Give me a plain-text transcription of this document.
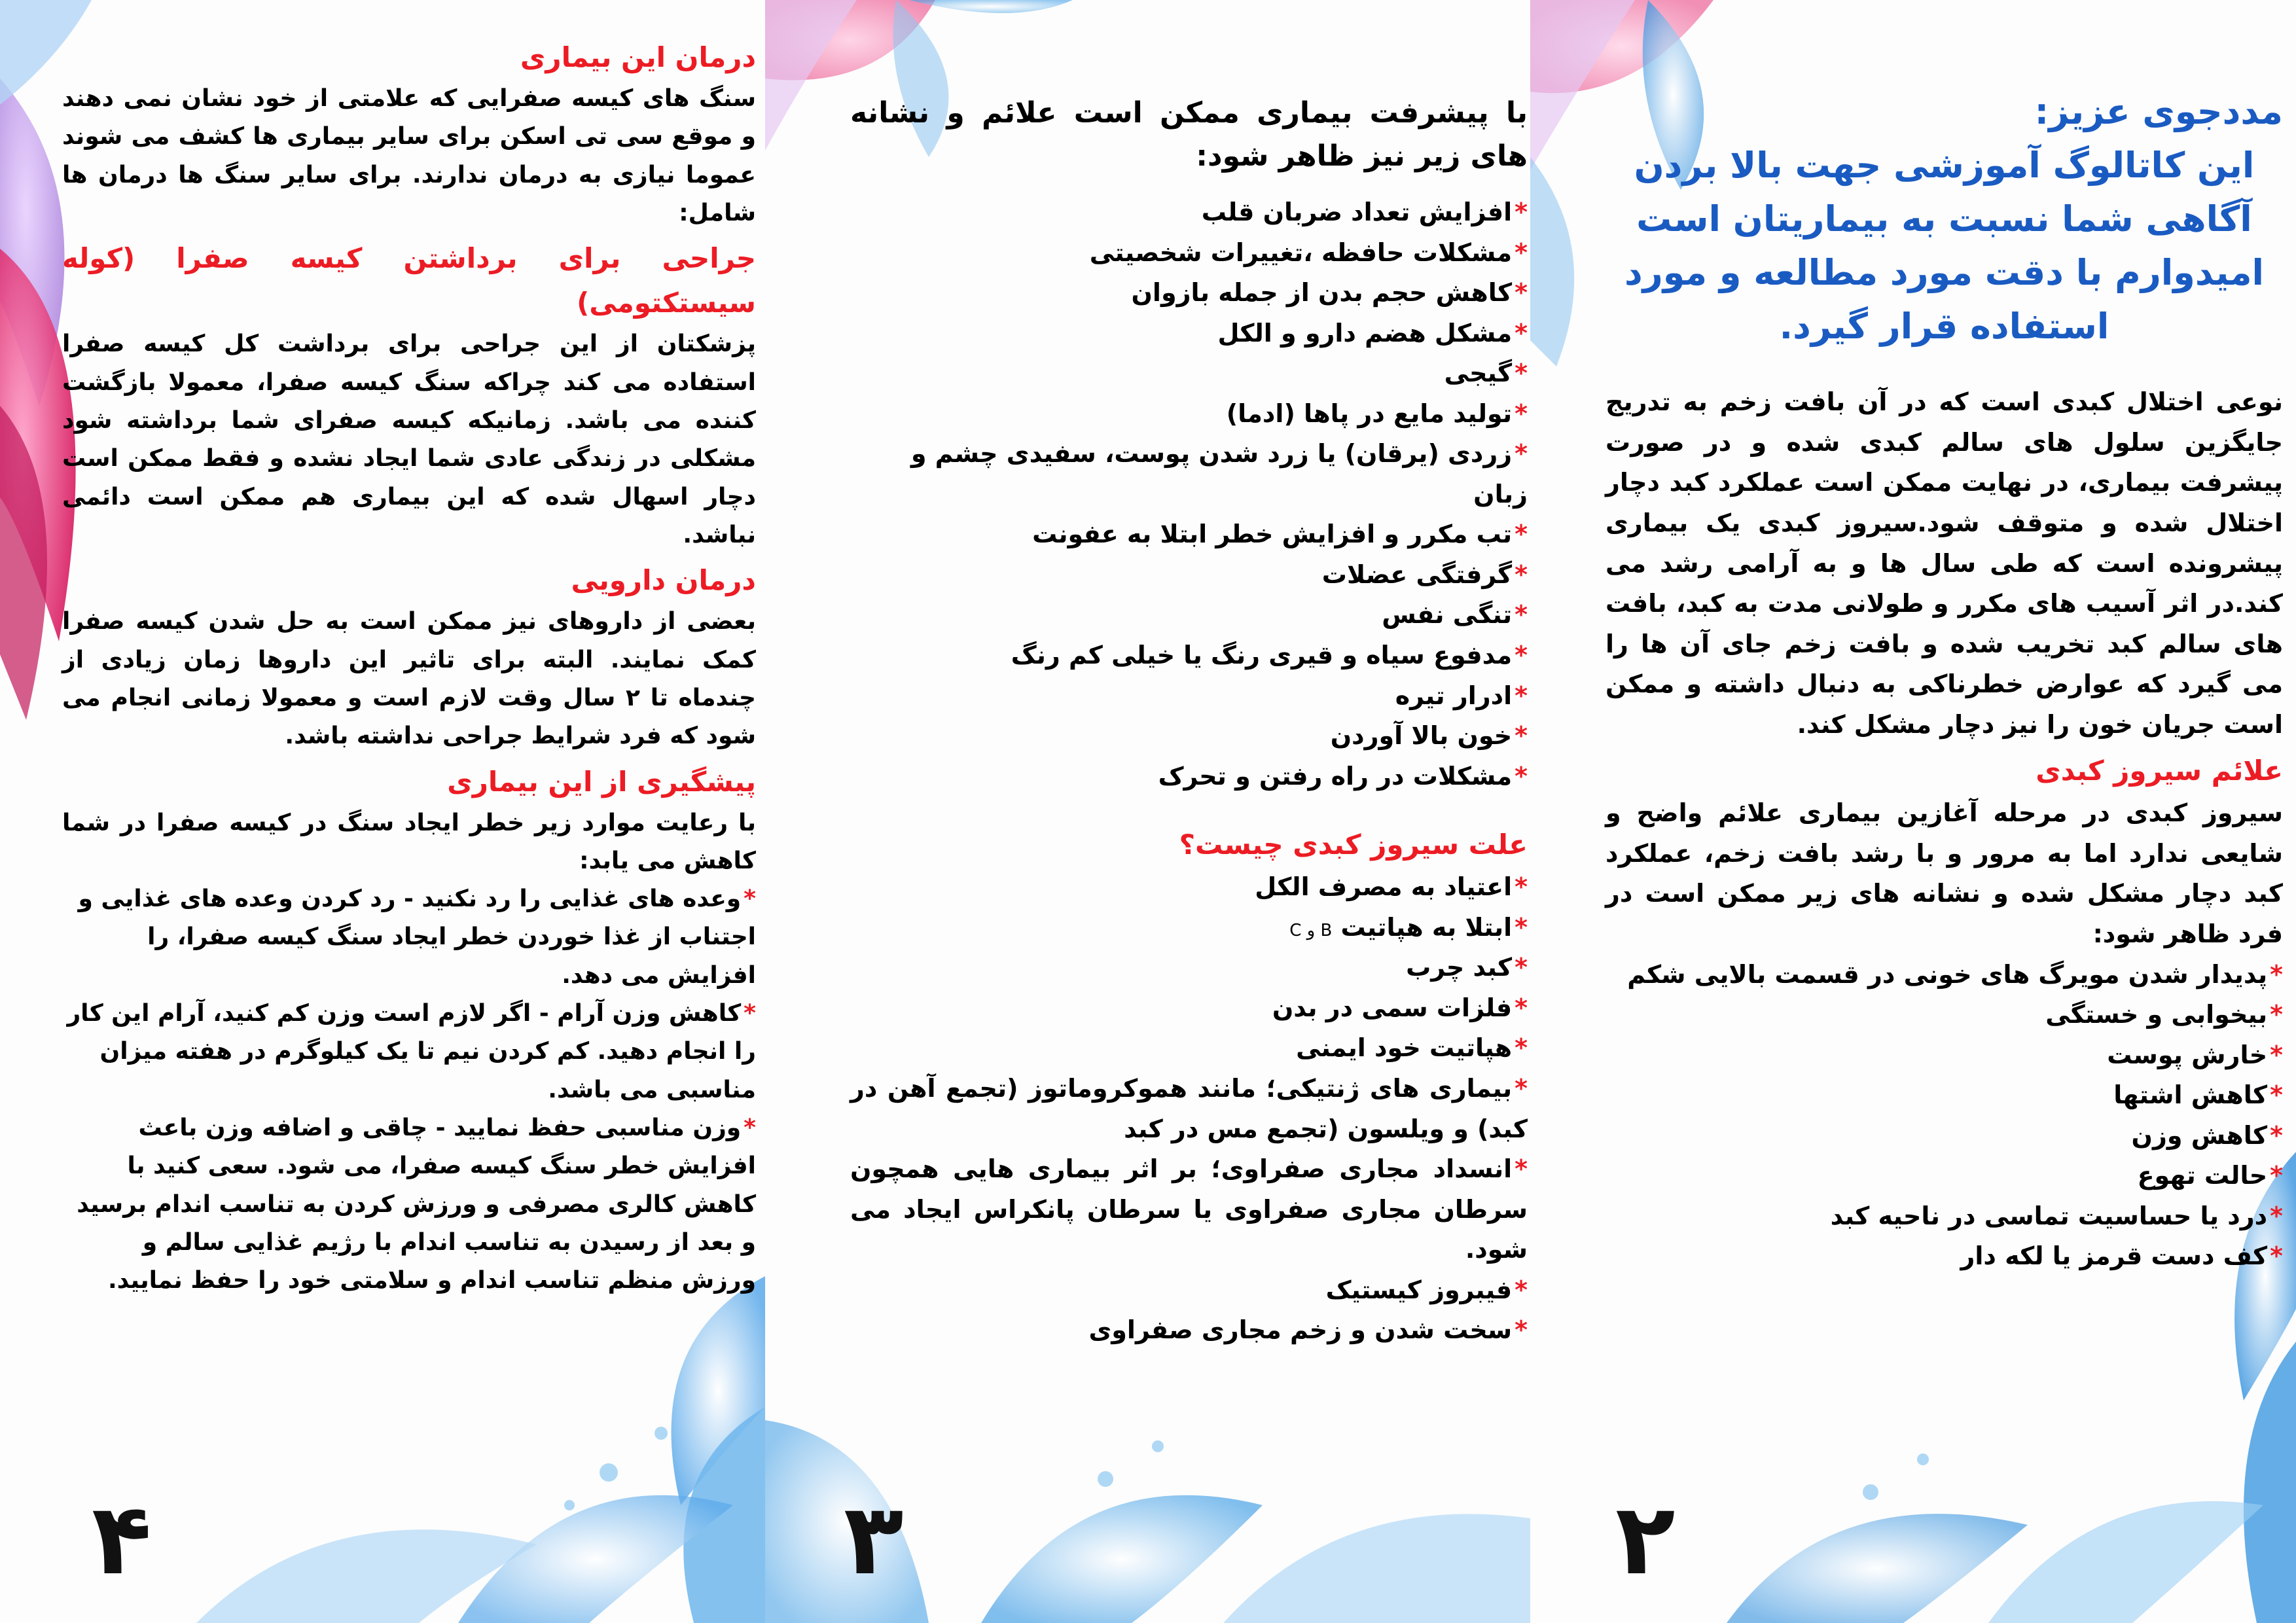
درمان این بیماری

سنگ های کیسه صفرایی که علامتی از خود نشان نمی دهند و موقع سی تی اسکن برای سایر بیماری ها کشف می شوند عموما نیازی به درمان ندارند. برای سایر سنگ ها درمان ها شامل:

جراحی برای برداشتن کیسه صفرا (کوله سیستکتومی)

پزشکتان از این جراحی برای برداشت کل کیسه صفرا استفاده می کند چراکه سنگ کیسه صفرا، معمولا بازگشت کننده می باشد. زمانیکه کیسه صفرای شما برداشته شود مشکلی در زندگی عادی شما ایجاد نشده و فقط ممکن است دچار اسهال شده که این بیماری هم ممکن است دائمی نباشد.

درمان دارویی

بعضی از داروهای نیز ممکن است به حل شدن کیسه صفرا کمک نمایند. البته برای تاثیر این داروها زمان زیادی از چندماه تا ۲ سال وقت لازم است و معمولا زمانی انجام می شود که فرد شرایط جراحی نداشته باشد.

پیشگیری از این بیماری

با رعایت موارد زیر خطر ایجاد سنگ در کیسه صفرا در شما کاهش می یابد:

*وعده های غذایی را رد نکنید - رد کردن وعده های غذایی و اجتناب از غذا خوردن خطر ایجاد سنگ کیسه صفرا، را افزایش می دهد.
*کاهش وزن آرام - اگر لازم است وزن کم کنید، آرام این کار را انجام دهید. کم کردن نیم تا یک کیلوگرم در هفته میزان مناسبی می باشد.
*وزن مناسبی حفظ نمایید - چاقی و اضافه وزن باعث افزایش خطر سنگ کیسه صفرا، می شود. سعی کنید با کاهش کالری مصرفی و ورزش کردن به تناسب اندام برسید و بعد از رسیدن به تناسب اندام با رژیم غذایی سالم و ورزش منظم تناسب اندام و سلامتی خود را حفظ نمایید.
۴
با پیشرفت بیماری ممکن است علائم و نشانه های زیر نیز ظاهر شود:
*افزایش تعداد ضربان قلب
*مشکلات حافظه ،تغییرات شخصیتی
*کاهش حجم بدن از جمله بازوان
*مشکل هضم دارو و الکل
*گیجی
*تولید مایع در پاها (ادما)
*زردی (یرقان) یا زرد شدن پوست، سفیدی چشم و زبان
*تب مکرر و افزایش خطر ابتلا به عفونت
*گرفتگی عضلات
*تنگی نفس
*مدفوع سیاه و قیری رنگ یا خیلی کم رنگ
*ادرار تیره
*خون بالا آوردن
*مشکلات در راه رفتن و تحرک
علت سیروز کبدی چیست؟
*اعتیاد به مصرف الکل
*ابتلا به هپاتیت B و C
*کبد چرب
*فلزات سمی در بدن
*هپاتیت خود ایمنی
*بیماری های ژنتیکی؛ مانند هموکروماتوز (تجمع آهن در کبد) و ویلسون (تجمع مس در کبد
*انسداد مجاری صفراوی؛ بر اثر بیماری هایی همچون سرطان مجاری صفراوی یا سرطان پانکراس ایجاد می شود.
*فیبروز کیستیک
*سخت شدن و زخم مجاری صفراوی
۳
مددجوی عزیز:
این کاتالوگ آموزشی جهت بالا بردن آگاهی شما نسبت به بیماریتان است امیدوارم با دقت مورد مطالعه و مورد استفاده قرار گیرد.

نوعی اختلال کبدی است که در آن بافت زخم به تدریج جایگزین سلول های سالم کبدی شده و در صورت پیشرفت بیماری، در نهایت ممکن است عملکرد کبد دچار اختلال شده و متوقف شود.سیروز کبدی یک بیماری پیشرونده است که طی سال ها و به آرامی رشد می کند.در اثر آسیب های مکرر و طولانی مدت به کبد، بافت های سالم کبد تخریب شده و بافت زخم جای آن ها را می گیرد که عوارض خطرناکی به دنبال داشته و ممکن است جریان خون را نیز دچار مشکل کند.

علائم سیروز کبدی

سیروز کبدی در مرحله آغازین بیماری علائم واضح و شایعی ندارد اما به مرور و با رشد بافت زخم، عملکرد کبد دچار مشکل شده و نشانه های زیر ممکن است در فرد ظاهر شود:

*پدیدار شدن مویرگ های خونی در قسمت بالایی شکم
*بیخوابی و خستگی
*خارش پوست
*کاهش اشتها
*کاهش وزن
*حالت تهوع
*درد یا حساسیت تماسی در ناحیه کبد
*کف دست قرمز یا لکه دار
۲
